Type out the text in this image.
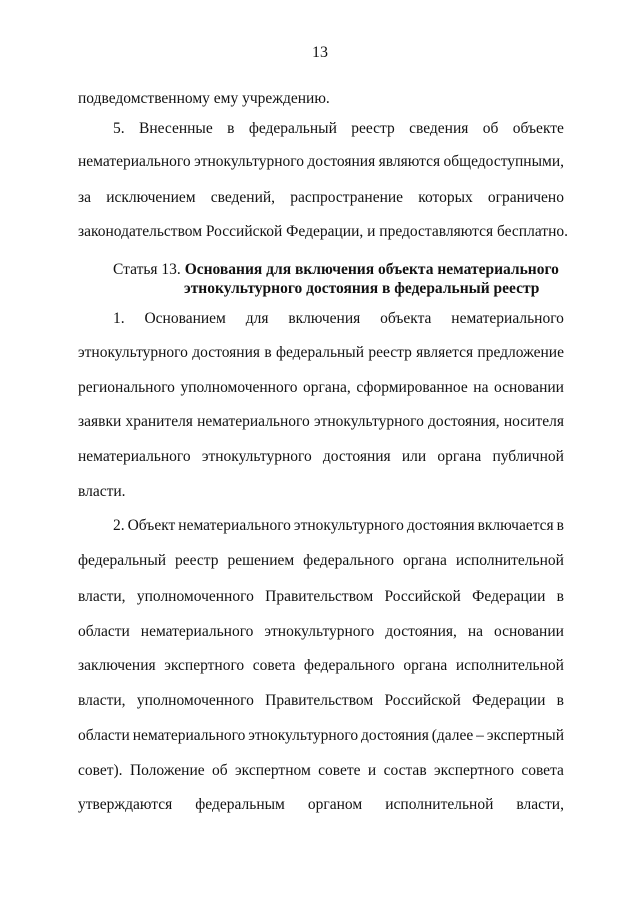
13
подведомственному ему учреждению.
5. Внесенные в федеральный реестр сведения об объекте
нематериального этнокультурного достояния являются общедоступными,
за исключением сведений, распространение которых ограничено
законодательством Российской Федерации, и предоставляются бесплатно.
Статья 13. Основания для включения объекта нематериального
этнокультурного достояния в федеральный реестр
1. Основанием для включения объекта нематериального
этнокультурного достояния в федеральный реестр является предложение
регионального уполномоченного органа, сформированное на основании
заявки хранителя нематериального этнокультурного достояния, носителя
нематериального этнокультурного достояния или органа публичной
власти.
2. Объект нематериального этнокультурного достояния включается в
федеральный реестр решением федерального органа исполнительной
власти, уполномоченного Правительством Российской Федерации в
области нематериального этнокультурного достояния, на основании
заключения экспертного совета федерального органа исполнительной
власти, уполномоченного Правительством Российской Федерации в
области нематериального этнокультурного достояния (далее – экспертный
совет). Положение об экспертном совете и состав экспертного совета
утверждаются федеральным органом исполнительной власти,
